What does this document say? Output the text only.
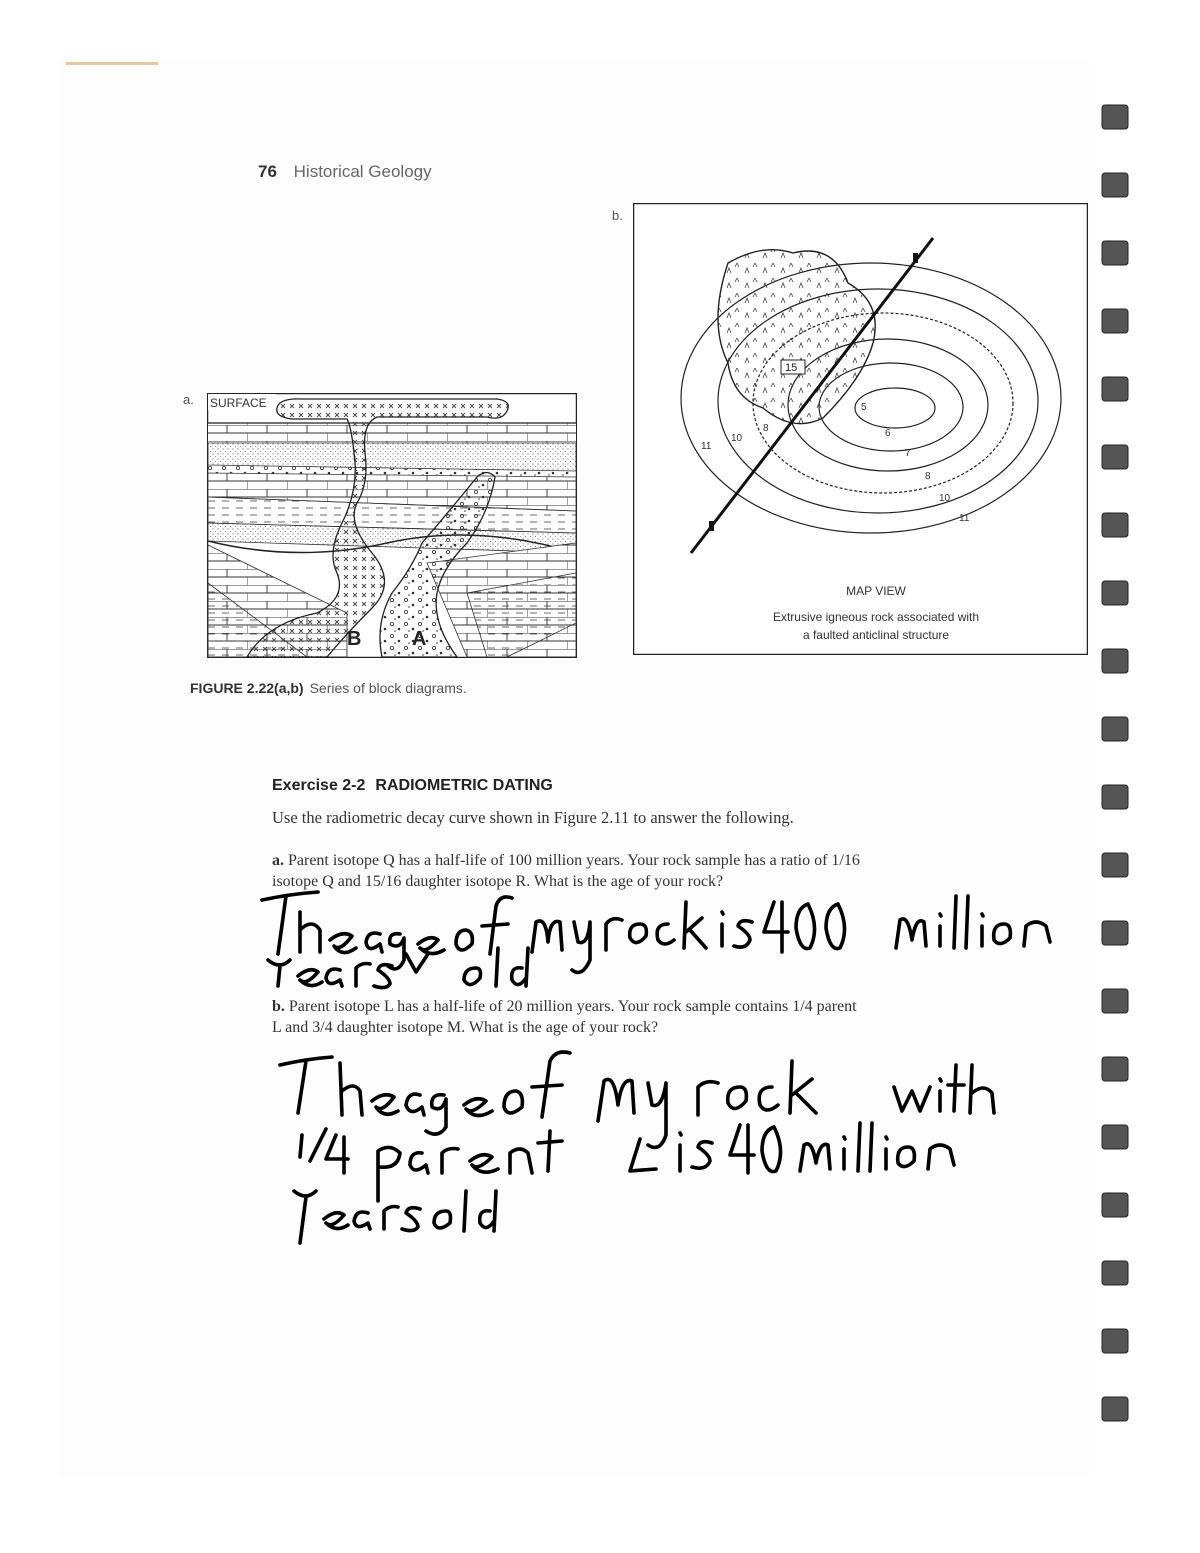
76 Historical Geology
a.
b.
B	A
SURFACE
15
5
6
7
8
10
11
11
10
8
MAP VIEW
Extrusive igneous rock associated with
a faulted anticlinal structure
FIGURE 2.22(a,b) Series of block diagrams.
Exercise 2-2 RADIOMETRIC DATING
Use the radiometric decay curve shown in Figure 2.11 to answer the following.
a. Parent isotope Q has a half-life of 100 million years. Your rock sample has a ratio of 1/16
isotope Q and 15/16 daughter isotope R. What is the age of your rock?
b. Parent isotope L has a half-life of 20 million years. Your rock sample contains 1/4 parent
L and 3/4 daughter isotope M. What is the age of your rock?
